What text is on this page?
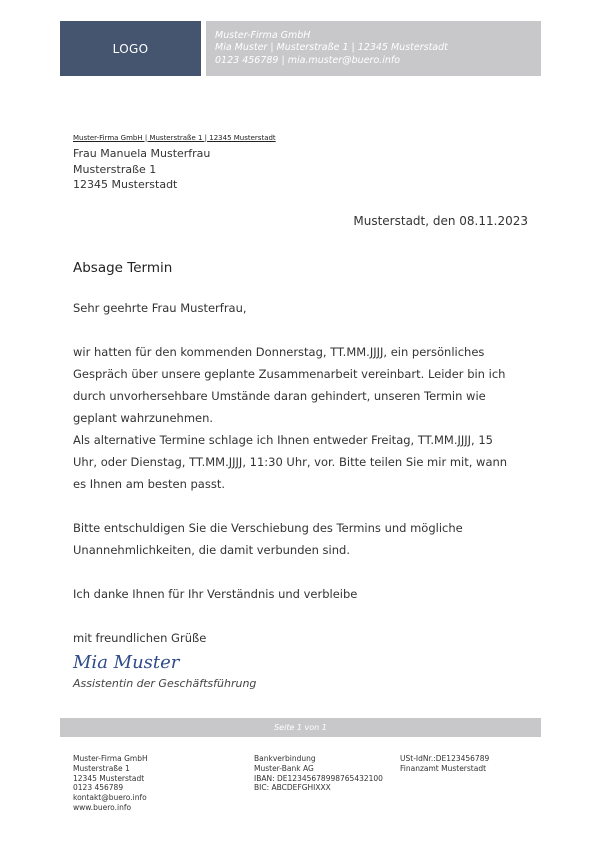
LOGO
Muster-Firma GmbH
Mia Muster | Musterstraße 1 | 12345 Musterstadt
0123 456789 | mia.muster@buero.info
Muster-Firma GmbH | Musterstraße 1 | 12345 Musterstadt
Frau Manuela Musterfrau
Musterstraße 1
12345 Musterstadt
Musterstadt, den 08.11.2023
Absage Termin

Sehr geehrte Frau Musterfrau,

wir hatten für den kommenden Donnerstag, TT.MM.JJJJ, ein persönliches

Gespräch über unsere geplante Zusammenarbeit vereinbart. Leider bin ich

durch unvorhersehbare Umstände daran gehindert, unseren Termin wie

geplant wahrzunehmen.

Als alternative Termine schlage ich Ihnen entweder Freitag, TT.MM.JJJJ, 15

Uhr, oder Dienstag, TT.MM.JJJJ, 11:30 Uhr, vor. Bitte teilen Sie mir mit, wann

es Ihnen am besten passt.

Bitte entschuldigen Sie die Verschiebung des Termins und mögliche

Unannehmlichkeiten, die damit verbunden sind.

Ich danke Ihnen für Ihr Verständnis und verbleibe

mit freundlichen Grüße

Mia Muster
Assistentin der Geschäftsführung
Seite 1 von 1
Muster-Firma GmbH
Musterstraße 1
12345 Musterstadt
0123 456789
kontakt@buero.info
www.buero.info
Bankverbindung
Muster-Bank AG
IBAN: DE12345678998765432100
BIC: ABCDEFGHIXXX
USt-IdNr.:DE123456789
Finanzamt Musterstadt
